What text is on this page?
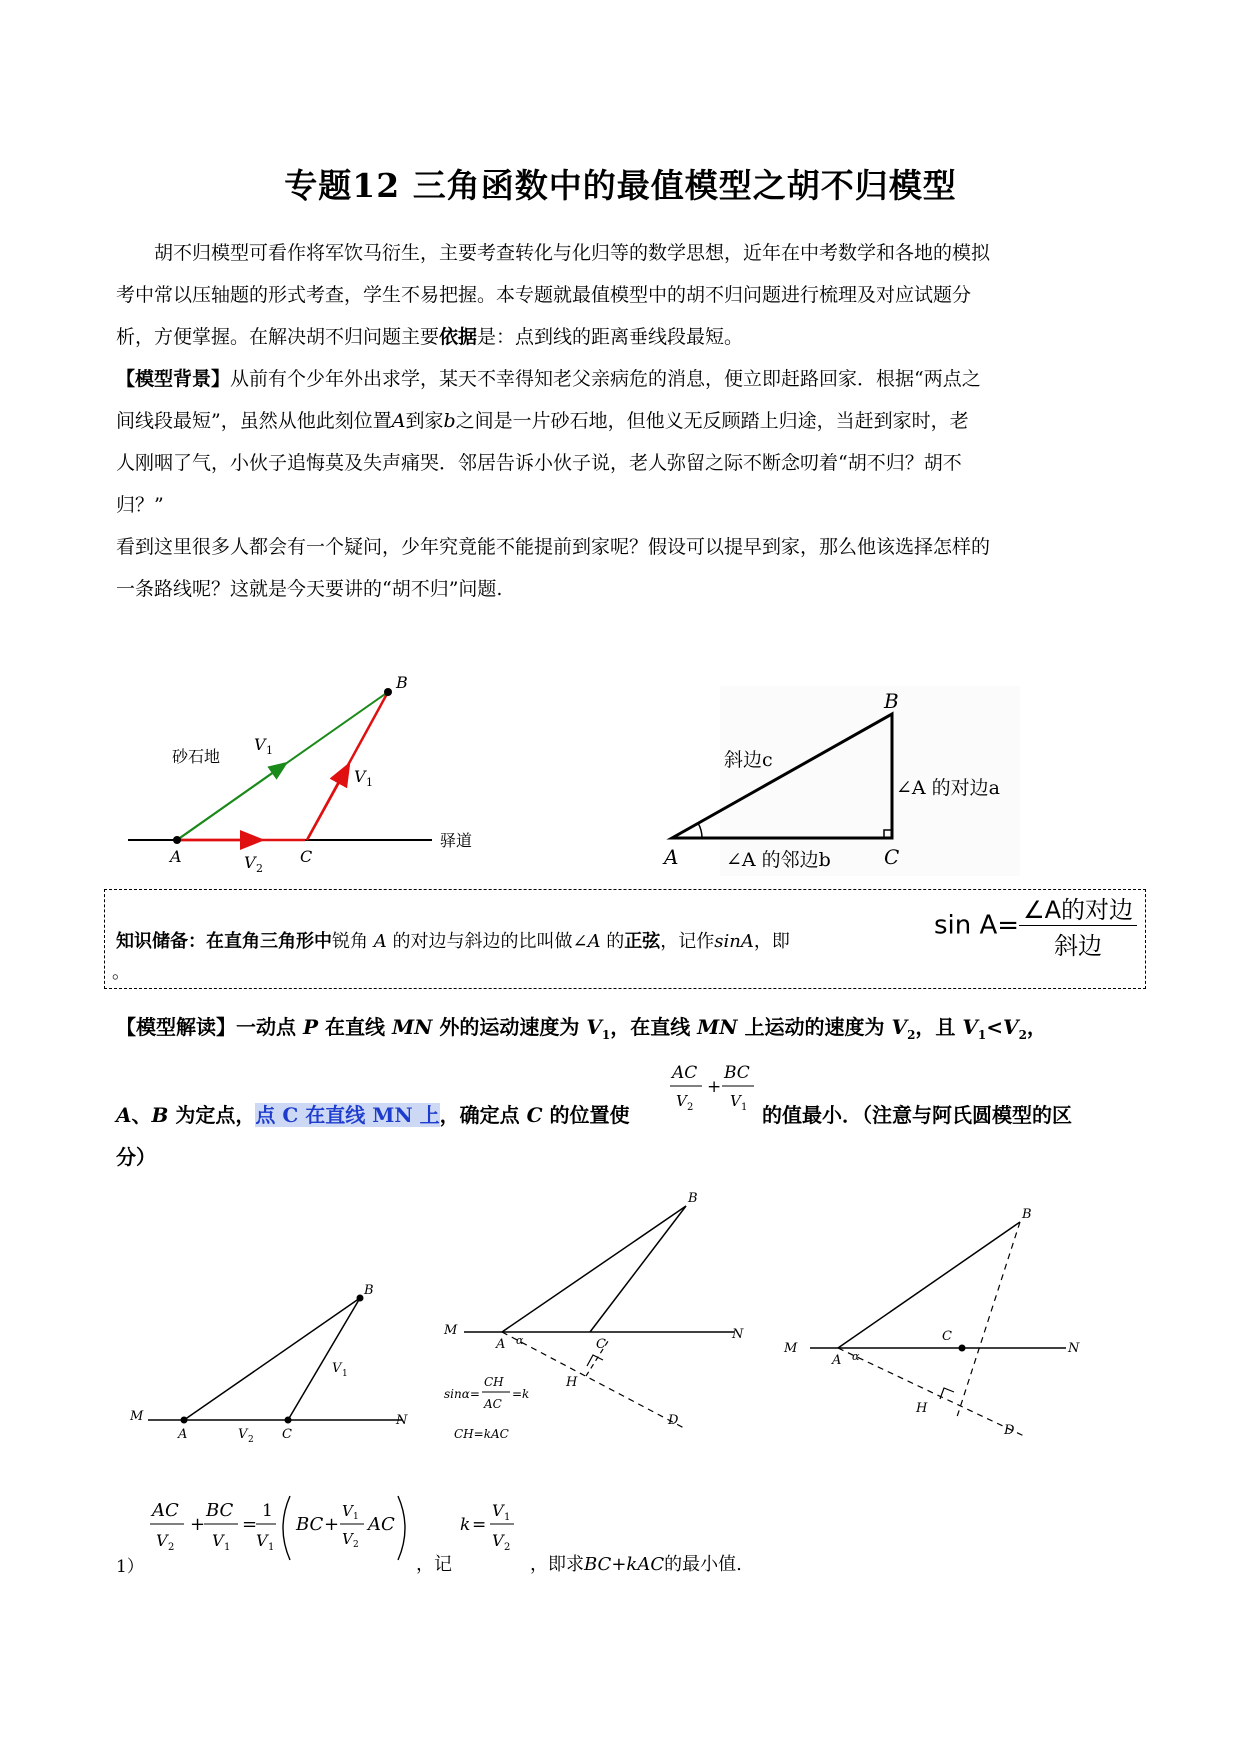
专题12 三角函数中的最值模型之胡不归模型
胡不归模型可看作将军饮马衍生，主要考查转化与化归等的数学思想，近年在中考数学和各地的模拟
考中常以压轴题的形式考查，学生不易把握。本专题就最值模型中的胡不归问题进行梳理及对应试题分
析，方便掌握。在解决胡不归问题主要依据是：点到线的距离垂线段最短。
【模型背景】从前有个少年外出求学，某天不幸得知老父亲病危的消息，便立即赶路回家．根据“两点之
间线段最短”，虽然从他此刻位置A到家b之间是一片砂石地，但他义无反顾踏上归途，当赶到家时，老
人刚咽了气，小伙子追悔莫及失声痛哭．邻居告诉小伙子说，老人弥留之际不断念叨着“胡不归？胡不
归？”
看到这里很多人都会有一个疑问，少年究竟能不能提前到家呢？假设可以提早到家，那么他该选择怎样的
一条路线呢？这就是今天要讲的“胡不归”问题.
A
B
C
V 2
V 1
V 1
砂石地
驿道
B
A	C
斜边c
∠A 的对边a
∠A 的邻边b
知识储备：在直角三角形中锐角 A 的对边与斜边的比叫做∠A 的正弦，记作sinA，即
。
$\sin A= \frac{\text{∠A的对边}}{\text{斜边}}$
【模型解读】一动点 P 在直线 MN 外的运动速度为 $V_1$，在直线 MN 上运动的速度为 $V_2$，且 $V_1<V_2$，
AC
V 2
+
BC
V 1
A、B 为定点，点 C 在直线 MN 上，确定点 C 的位置使	的值最小．（注意与阿氏圆模型的区
分）
M	N
A
B
C
V 2
V 1
M	N
A
B
C
H
D
α
sinα=
CH
AC
=k
CH=kAC
M	N
A
B
C
H
D
α
1）
AC
V 2
+
BC
V 1
=
1
V 1
BC +
V 1
V 2
AC
，记
k =
V 1
V 2
，即求BC+kAC的最小值.
